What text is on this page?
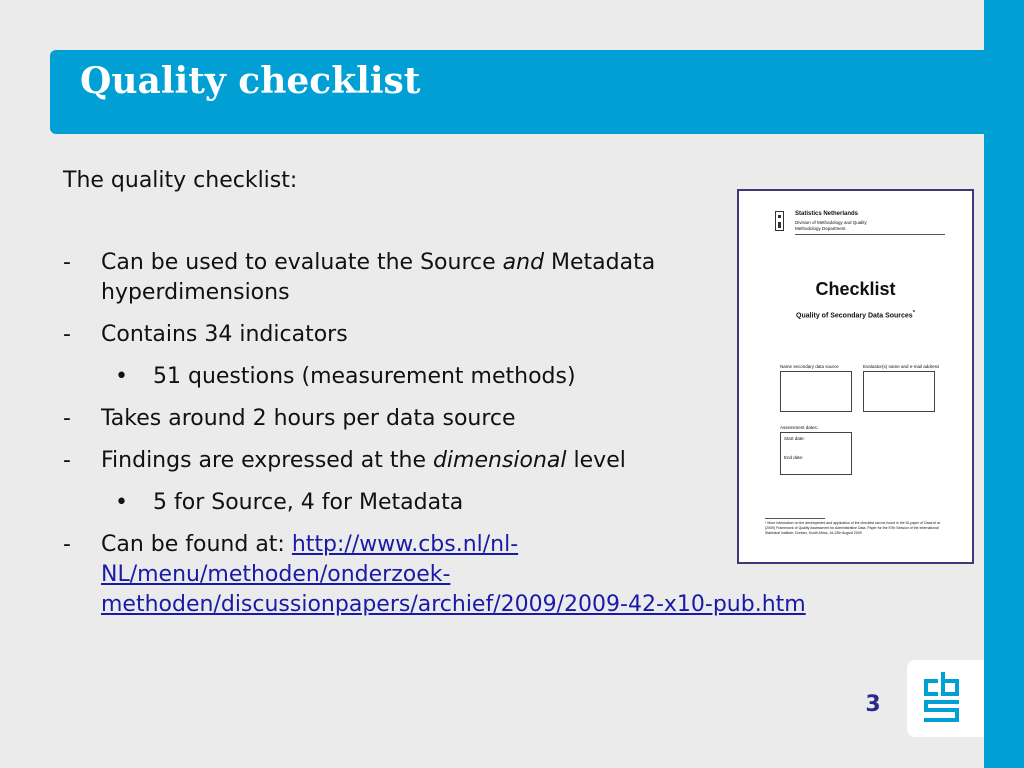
Quality checklist
The quality checklist:
- Can be used to evaluate the Source and Metadata hyperdimensions
- Contains 34 indicators
• 51 questions (measurement methods)
- Takes around 2 hours per data source
- Findings are expressed at the dimensional level
• 5 for Source, 4 for Metadata
- Can be found at: http://www.cbs.nl/nl-NL/menu/methoden/onderzoek-methoden/discussionpapers/archief/2009/2009-42-x10-pub.htm
Statistics Netherlands
Division of Methodology and Quality
Methodology Department
Checklist
Quality of Secondary Data Sources*
Name secondary data source	Evaluator(s) name and e-mail address
Assessment dates:
Start date:
End date:
* More information on the development and application of the checklist can be found in the DI-paper of Daas et al. (2009) Framework of Quality Assessment for Administrative Data. Paper for the 57th Session of the International Statistical Institute, Durban, South Africa, 16-22th August 2009
3
